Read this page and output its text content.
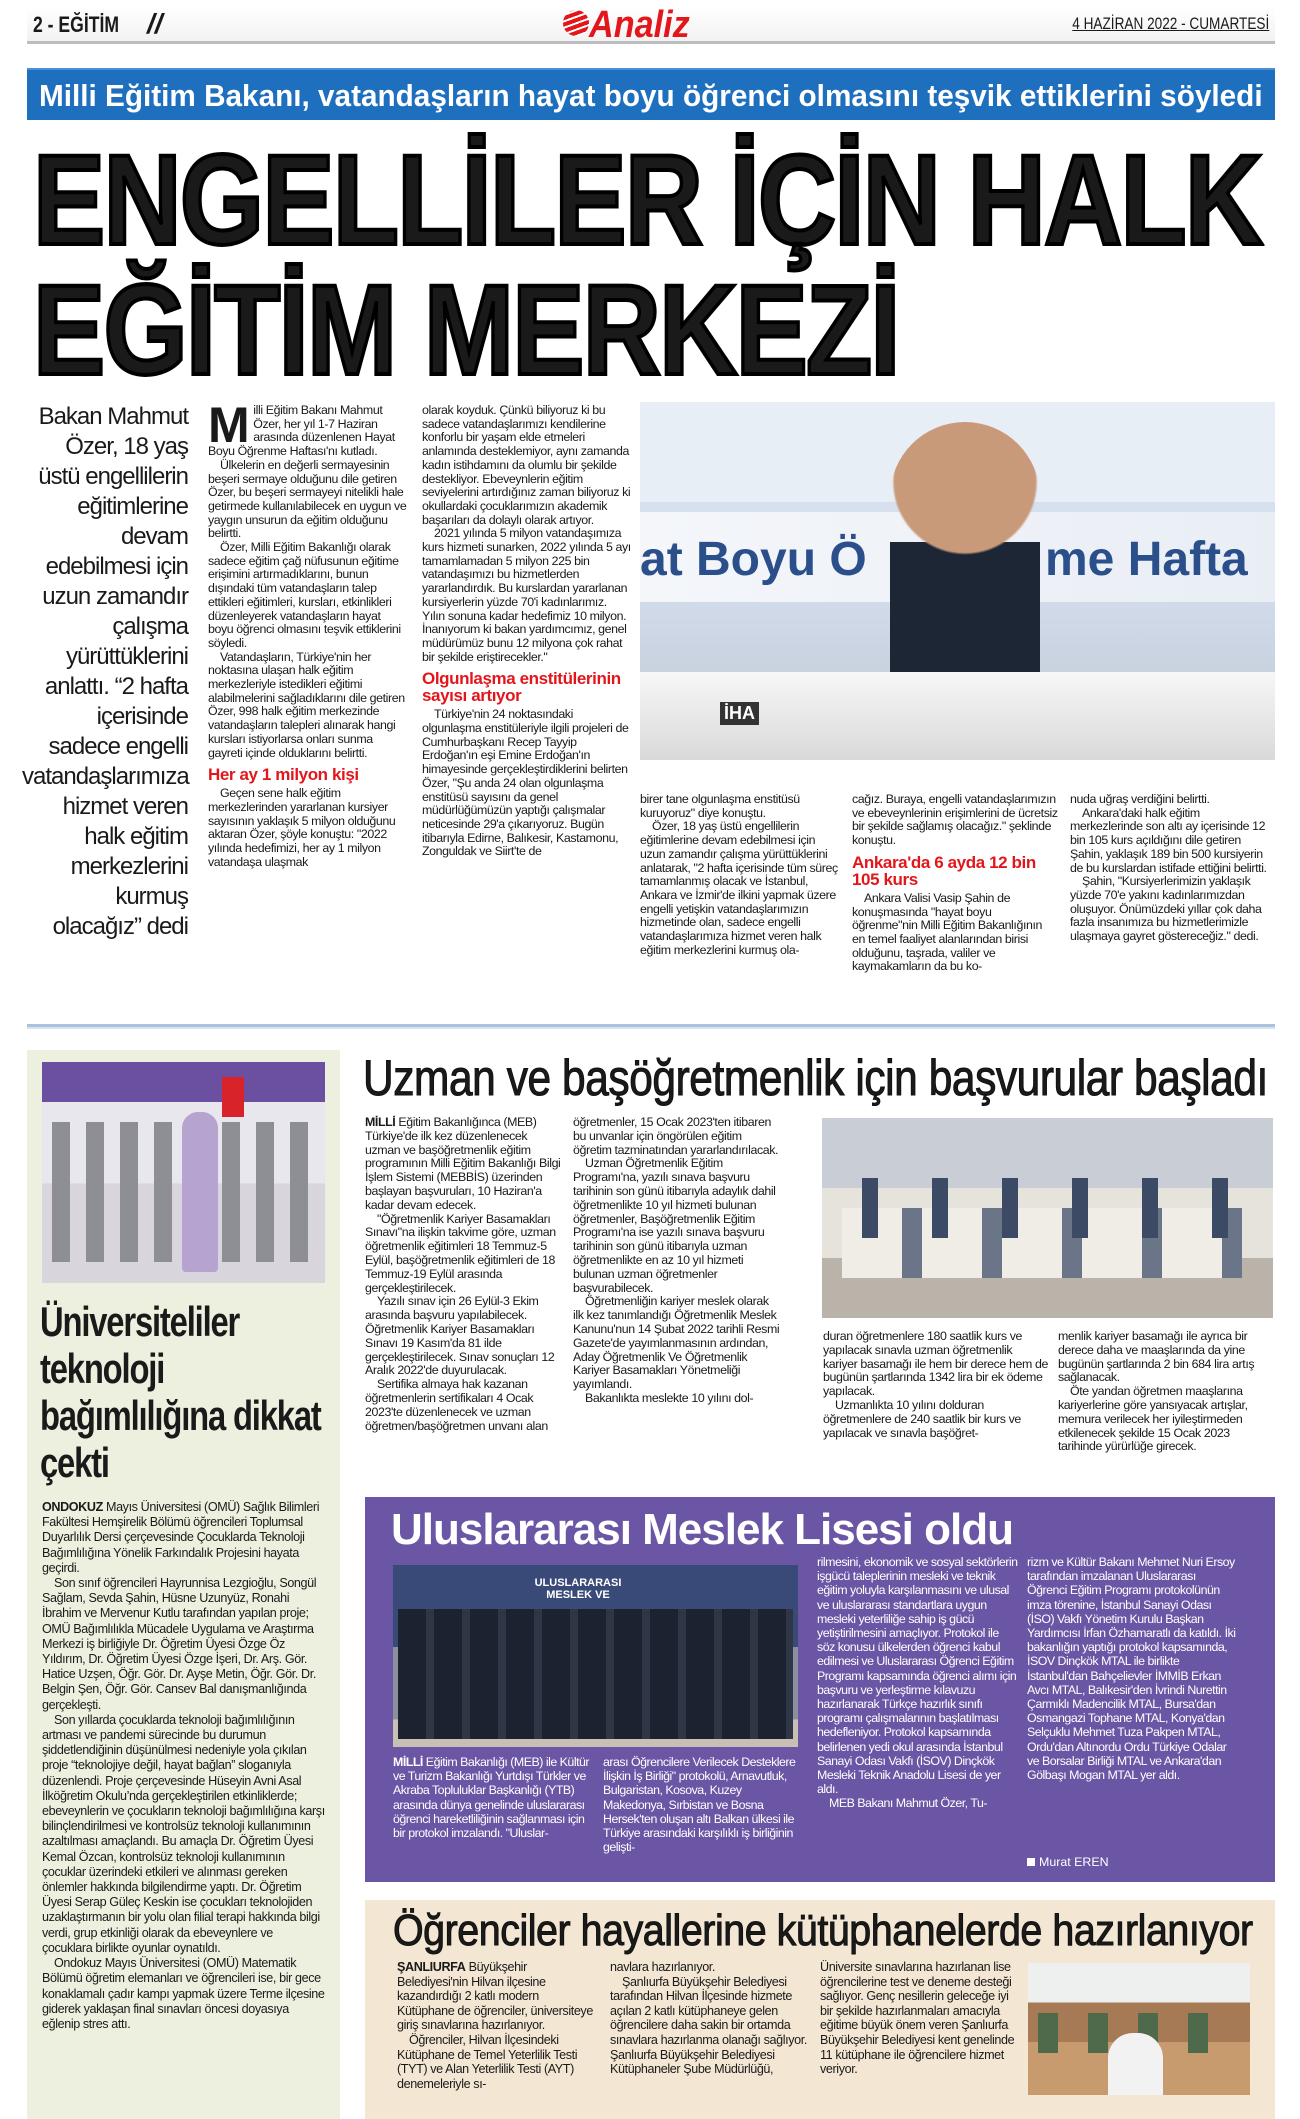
2 - EĞİTİM //	Analiz	4 HAZİRAN 2022 - CUMARTESİ
Milli Eğitim Bakanı, vatandaşların hayat boyu öğrenci olmasını teşvik ettiklerini söyledi
ENGELLİLER İÇİN HALK
EĞİTİM MERKEZİ
Bakan Mahmut Özer, 18 yaş üstü engellilerin eğitimlerine devam edebilmesi için uzun zamandır çalışma yürüttüklerini anlattı. “2 hafta içerisinde sadece engelli vatandaşlarımıza hizmet veren halk eğitim merkezlerini kurmuş olacağız” dedi

Milli Eğitim Bakanı Mahmut Özer, her yıl 1-7 Haziran arasında düzenlenen Hayat Boyu Öğrenme Haftası'nı kutladı.

Ülkelerin en değerli sermayesinin beşeri sermaye olduğunu dile getiren Özer, bu beşeri sermayeyi nitelikli hale getirmede kullanılabilecek en uygun ve yaygın unsurun da eğitim olduğunu belirtti.

Özer, Milli Eğitim Bakanlığı olarak sadece eğitim çağ nüfusunun eğitime erişimini artırmadıklarını, bunun dışındaki tüm vatandaşların talep ettikleri eğitimleri, kursları, etkinlikleri düzenleyerek vatandaşların hayat boyu öğrenci olmasını teşvik ettiklerini söyledi.

Vatandaşların, Türkiye'nin her noktasına ulaşan halk eğitim merkezleriyle istedikleri eğitimi alabilmelerini sağladıklarını dile getiren Özer, 998 halk eğitim merkezinde vatandaşların talepleri alınarak hangi kursları istiyorlarsa onları sunma gayreti içinde olduklarını belirtti.

Her ay 1 milyon kişi

Geçen sene halk eğitim merkezlerinden yararlanan kursiyer sayısının yaklaşık 5 milyon olduğunu aktaran Özer, şöyle konuştu: "2022 yılında hedefimizi, her ay 1 milyon vatandaşa ulaşmak

olarak koyduk. Çünkü biliyoruz ki bu sadece vatandaşlarımızı kendilerine konforlu bir yaşam elde etmeleri anlamında desteklemiyor, aynı zamanda kadın istihdamını da olumlu bir şekilde destekliyor. Ebeveynlerin eğitim seviyelerini artırdığınız zaman biliyoruz ki okullardaki çocuklarımızın akademik başarıları da dolaylı olarak artıyor.

2021 yılında 5 milyon vatandaşımıza kurs hizmeti sunarken, 2022 yılında 5 ayı tamamlamadan 5 milyon 225 bin vatandaşımızı bu hizmetlerden yararlandırdık. Bu kurslardan yararlanan kursiyerlerin yüzde 70'i kadınlarımız. Yılın sonuna kadar hedefimiz 10 milyon. İnanıyorum ki bakan yardımcımız, genel müdürümüz bunu 12 milyona çok rahat bir şekilde eriştirecekler."

Olgunlaşma enstitülerinin sayısı artıyor

Türkiye'nin 24 noktasındaki olgunlaşma enstitüleriyle ilgili projeleri de Cumhurbaşkanı Recep Tayyip Erdoğan'ın eşi Emine Erdoğan'ın himayesinde gerçekleştirdiklerini belirten Özer, "Şu anda 24 olan olgunlaşma enstitüsü sayısını da genel müdürlüğümüzün yaptığı çalışmalar neticesinde 29'a çıkarıyoruz. Bugün itibarıyla Edirne, Balıkesir, Kastamonu, Zonguldak ve Siirt'te de

at Boyu Ö	me Hafta
İHA

birer tane olgunlaşma enstitüsü kuruyoruz" diye konuştu.

Özer, 18 yaş üstü engellilerin eğitimlerine devam edebilmesi için uzun zamandır çalışma yürüttüklerini anlatarak, "2 hafta içerisinde tüm süreç tamamlanmış olacak ve İstanbul, Ankara ve İzmir'de ilkini yapmak üzere engelli yetişkin vatandaşlarımızın hizmetinde olan, sadece engelli vatandaşlarımıza hizmet veren halk eğitim merkezlerini kurmuş ola-

cağız. Buraya, engelli vatandaşlarımızın ve ebeveynlerinin erişimlerini de ücretsiz bir şekilde sağlamış olacağız." şeklinde konuştu.

Ankara'da 6 ayda 12 bin 105 kurs

Ankara Valisi Vasip Şahin de konuşmasında "hayat boyu öğrenme"nin Milli Eğitim Bakanlığının en temel faaliyet alanlarından birisi olduğunu, taşrada, valiler ve kaymakamların da bu ko-

nuda uğraş verdiğini belirtti.

Ankara'daki halk eğitim merkezlerinde son altı ay içerisinde 12 bin 105 kurs açıldığını dile getiren Şahin, yaklaşık 189 bin 500 kursiyerin de bu kurslardan istifade ettiğini belirtti.

Şahin, "Kursiyerlerimizin yaklaşık yüzde 70'e yakını kadınlarımızdan oluşuyor. Önümüzdeki yıllar çok daha fazla insanımıza bu hizmetlerimizle ulaşmaya gayret göstereceğiz." dedi.

Üniversiteliler teknoloji bağımlılığına dikkat çekti

ONDOKUZ Mayıs Üniversitesi (OMÜ) Sağlık Bilimleri Fakültesi Hemşirelik Bölümü öğrencileri Toplumsal Duyarlılık Dersi çerçevesinde Çocuklarda Teknoloji Bağımlılığına Yönelik Farkındalık Projesini hayata geçirdi.

Son sınıf öğrencileri Hayrunnisa Lezgioğlu, Songül Sağlam, Sevda Şahin, Hüsne Uzunyüz, Ronahi İbrahim ve Mervenur Kutlu tarafından yapılan proje; OMÜ Bağımlılıkla Mücadele Uygulama ve Araştırma Merkezi iş birliğiyle Dr. Öğretim Üyesi Özge Öz Yıldırım, Dr. Öğretim Üyesi Özge İşeri, Dr. Arş. Gör. Hatice Uzşen, Öğr. Gör. Dr. Ayşe Metin, Öğr. Gör. Dr. Belgin Şen, Öğr. Gör. Cansev Bal danışmanlığında gerçekleşti.

Son yıllarda çocuklarda teknoloji bağımlılığının artması ve pandemi sürecinde bu durumun şiddetlendiğinin düşünülmesi nedeniyle yola çıkılan proje “teknolojiye değil, hayat bağlan” sloganıyla düzenlendi. Proje çerçevesinde Hüseyin Avni Asal İlköğretim Okulu’nda gerçekleştirilen etkinliklerde; ebeveynlerin ve çocukların teknoloji bağımlılığına karşı bilinçlendirilmesi ve kontrolsüz teknoloji kullanımının azaltılması amaçlandı. Bu amaçla Dr. Öğretim Üyesi Kemal Özcan, kontrolsüz teknoloji kullanımının çocuklar üzerindeki etkileri ve alınması gereken önlemler hakkında bilgilendirme yaptı. Dr. Öğretim Üyesi Serap Güleç Keskin ise çocukları teknolojiden uzaklaştırmanın bir yolu olan filial terapi hakkında bilgi verdi, grup etkinliği olarak da ebeveynlere ve çocuklara birlikte oyunlar oynatıldı.

Ondokuz Mayıs Üniversitesi (OMÜ) Matematik Bölümü öğretim elemanları ve öğrencileri ise, bir gece konaklamalı çadır kampı yapmak üzere Terme ilçesine giderek yaklaşan final sınavları öncesi doyasıya eğlenip stres attı.

Uzman ve başöğretmenlik için başvurular başladı

MİLLİ Eğitim Bakanlığınca (MEB) Türkiye'de ilk kez düzenlenecek uzman ve başöğretmenlik eğitim programının Milli Eğitim Bakanlığı Bilgi İşlem Sistemi (MEBBİS) üzerinden başlayan başvuruları, 10 Haziran'a kadar devam edecek.

"Öğretmenlik Kariyer Basamakları Sınavı"na ilişkin takvime göre, uzman öğretmenlik eğitimleri 18 Temmuz-5 Eylül, başöğretmenlik eğitimleri de 18 Temmuz-19 Eylül arasında gerçekleştirilecek.

Yazılı sınav için 26 Eylül-3 Ekim arasında başvuru yapılabilecek. Öğretmenlik Kariyer Basamakları Sınavı 19 Kasım'da 81 ilde gerçekleştirilecek. Sınav sonuçları 12 Aralık 2022'de duyurulacak.

Sertifika almaya hak kazanan öğretmenlerin sertifikaları 4 Ocak 2023'te düzenlenecek ve uzman öğretmen/başöğretmen unvanı alan

öğretmenler, 15 Ocak 2023'ten itibaren bu unvanlar için öngörülen eğitim öğretim tazminatından yararlandırılacak.

Uzman Öğretmenlik Eğitim Programı'na, yazılı sınava başvuru tarihinin son günü itibarıyla adaylık dahil öğretmenlikte 10 yıl hizmeti bulunan öğretmenler, Başöğretmenlik Eğitim Programı'na ise yazılı sınava başvuru tarihinin son günü itibarıyla uzman öğretmenlikte en az 10 yıl hizmeti bulunan uzman öğretmenler başvurabilecek.

Öğretmenliğin kariyer meslek olarak ilk kez tanımlandığı Öğretmenlik Meslek Kanunu'nun 14 Şubat 2022 tarihli Resmi Gazete'de yayımlanmasının ardından, Aday Öğretmenlik Ve Öğretmenlik Kariyer Basamakları Yönetmeliği yayımlandı.

Bakanlıkta meslekte 10 yılını dol-

duran öğretmenlere 180 saatlik kurs ve yapılacak sınavla uzman öğretmenlik kariyer basamağı ile hem bir derece hem de bugünün şartlarında 1342 lira bir ek ödeme yapılacak.

Uzmanlıkta 10 yılını dolduran öğretmenlere de 240 saatlik bir kurs ve yapılacak ve sınavla başöğret-

menlik kariyer basamağı ile ayrıca bir derece daha ve maaşlarında da yine bugünün şartlarında 2 bin 684 lira artış sağlanacak.

Öte yandan öğretmen maaşlarına kariyerlerine göre yansıyacak artışlar, memura verilecek her iyileştirmeden etkilenecek şekilde 15 Ocak 2023 tarihinde yürürlüğe girecek.

Uluslararası Meslek Lisesi oldu
ULUSLARARASI MESLEK VE

MİLLİ Eğitim Bakanlığı (MEB) ile Kültür ve Turizm Bakanlığı Yurtdışı Türkler ve Akraba Topluluklar Başkanlığı (YTB) arasında dünya genelinde uluslararası öğrenci hareketliliğinin sağlanması için bir protokol imzalandı. "Uluslar-

arası Öğrencilere Verilecek Desteklere İlişkin İş Birliği" protokolü, Arnavutluk, Bulgaristan, Kosova, Kuzey Makedonya, Sırbistan ve Bosna Hersek'ten oluşan altı Balkan ülkesi ile Türkiye arasındaki karşılıklı iş birliğinin gelişti-

rilmesini, ekonomik ve sosyal sektörlerin işgücü taleplerinin mesleki ve teknik eğitim yoluyla karşılanmasını ve ulusal ve uluslararası standartlara uygun mesleki yeterliliğe sahip iş gücü yetiştirilmesini amaçlıyor. Protokol ile söz konusu ülkelerden öğrenci kabul edilmesi ve Uluslararası Öğrenci Eğitim Programı kapsamında öğrenci alımı için başvuru ve yerleştirme kılavuzu hazırlanarak Türkçe hazırlık sınıfı programı çalışmalarının başlatılması hedefleniyor. Protokol kapsamında belirlenen yedi okul arasında İstanbul Sanayi Odası Vakfı (İSOV) Dinçkök Mesleki Teknik Anadolu Lisesi de yer aldı.

MEB Bakanı Mahmut Özer, Tu-

rizm ve Kültür Bakanı Mehmet Nuri Ersoy tarafından imzalanan Uluslararası Öğrenci Eğitim Programı protokolünün imza törenine, İstanbul Sanayi Odası (İSO) Vakfı Yönetim Kurulu Başkan Yardımcısı İrfan Özhamaratlı da katıldı. İki bakanlığın yaptığı protokol kapsamında, İSOV Dinçkök MTAL ile birlikte İstanbul'dan Bahçelievler İMMİB Erkan Avcı MTAL, Balıkesir'den İvrindi Nurettin Çarmıklı Madencilik MTAL, Bursa'dan Osmangazi Tophane MTAL, Konya'dan Selçuklu Mehmet Tuza Pakpen MTAL, Ordu'dan Altınordu Ordu Türkiye Odalar ve Borsalar Birliği MTAL ve Ankara'dan Gölbaşı Mogan MTAL yer aldı.

Murat EREN
Öğrenciler hayallerine kütüphanelerde hazırlanıyor

ŞANLIURFA Büyükşehir Belediyesi'nin Hilvan ilçesine kazandırdığı 2 katlı modern Kütüphane de öğrenciler, üniversiteye giriş sınavlarına hazırlanıyor.

Öğrenciler, Hilvan İlçesindeki Kütüphane de Temel Yeterlilik Testi (TYT) ve Alan Yeterlilik Testi (AYT) denemeleriyle sı-

navlara hazırlanıyor.

Şanlıurfa Büyükşehir Belediyesi tarafından Hilvan İlçesinde hizmete açılan 2 katlı kütüphaneye gelen öğrencilere daha sakin bir ortamda sınavlara hazırlanma olanağı sağlıyor. Şanlıurfa Büyükşehir Belediyesi Kütüphaneler Şube Müdürlüğü,

Üniversite sınavlarına hazırlanan lise öğrencilerine test ve deneme desteği sağlıyor. Genç nesillerin geleceğe iyi bir şekilde hazırlanmaları amacıyla eğitime büyük önem veren Şanlıurfa Büyükşehir Belediyesi kent genelinde 11 kütüphane ile öğrencilere hizmet veriyor.
